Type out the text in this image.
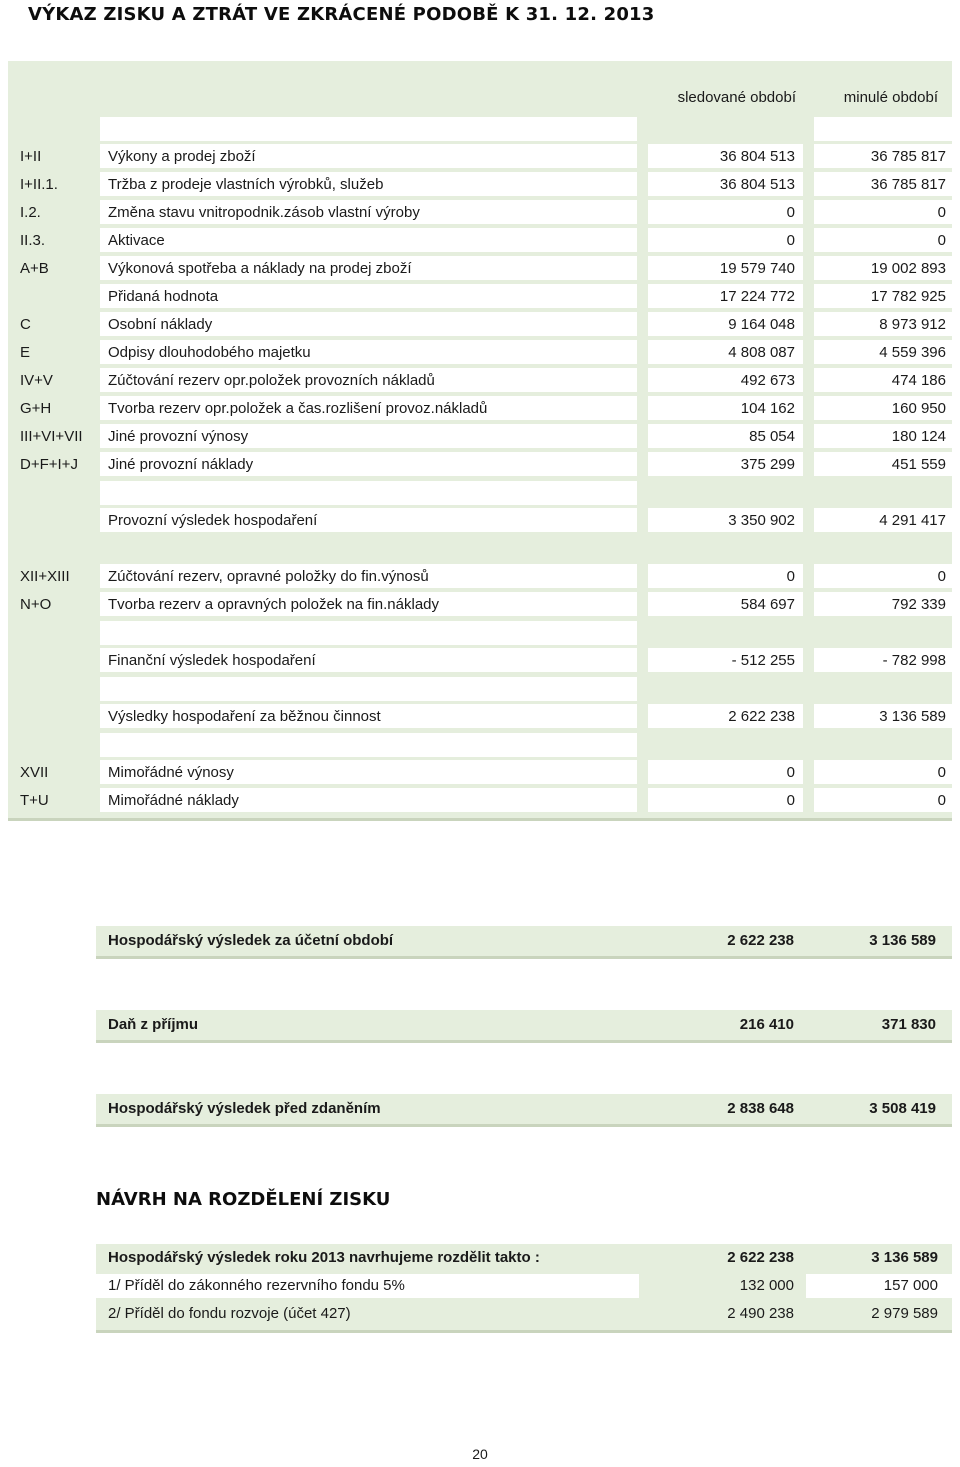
VÝKAZ ZISKU A ZTRÁT VE ZKRÁCENÉ PODOBĚ K 31. 12. 2013
sledované období	minulé období
I+II	Výkony a prodej zboží	36 804 513	36 785 817
I+II.1.	Tržba z prodeje vlastních výrobků, služeb	36 804 513	36 785 817
I.2.	Změna stavu vnitropodnik.zásob vlastní výroby	0	0
II.3.	Aktivace	0	0
A+B	Výkonová spotřeba a náklady na prodej zboží	19 579 740	19 002 893
Přidaná hodnota	17 224 772	17 782 925
C	Osobní náklady	9 164 048	8 973 912
E	Odpisy dlouhodobého majetku	4 808 087	4 559 396
IV+V	Zúčtování rezerv opr.položek provozních nákladů	492 673	474 186
G+H	Tvorba rezerv opr.položek a čas.rozlišení provoz.nákladů	104 162	160 950
III+VI+VII	Jiné provozní výnosy	85 054	180 124
D+F+I+J	Jiné provozní náklady	375 299	451 559
Provozní výsledek hospodaření	3 350 902	4 291 417
XII+XIII	Zúčtování rezerv, opravné položky do fin.výnosů	0	0
N+O	Tvorba rezerv a opravných položek na fin.náklady	584 697	792 339
Finanční výsledek hospodaření	- 512 255	- 782 998
Výsledky hospodaření za běžnou činnost	2 622 238	3 136 589
XVII	Mimořádné výnosy	0	0
T+U	Mimořádné náklady	0	0
Hospodářský výsledek za účetní období	2 622 238	3 136 589
Daň z příjmu	216 410	371 830
Hospodářský výsledek před zdaněním	2 838 648	3 508 419
NÁVRH NA ROZDĚLENÍ ZISKU
Hospodářský výsledek roku 2013 navrhujeme rozdělit takto :	2 622 238	3 136 589
1/ Příděl do zákonného rezervního fondu 5%	132 000	157 000
2/ Příděl do fondu rozvoje (účet 427)	2 490 238	2 979 589
20
